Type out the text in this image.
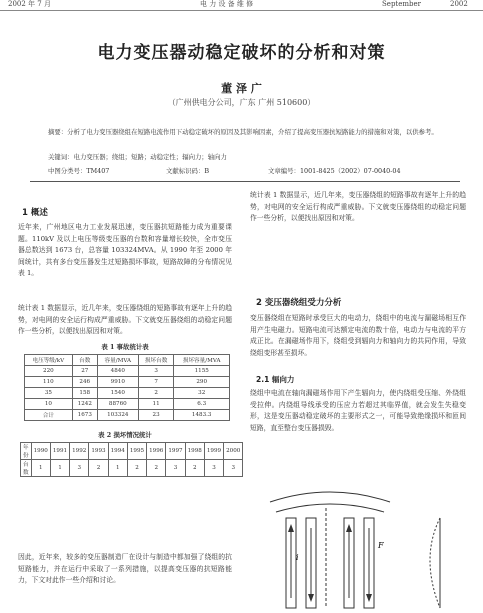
2002 年 7 月	电 力 设 备 维 修	September	2002
电力变压器动稳定破坏的分析和对策
董 泽 广
（广州供电分公司，广东 广州 510600）
摘要：分析了电力变压器绕组在短路电流作用下动稳定破坏的原因及其影响因素，介绍了提高变压器抗短路能力的措施和对策，以供参考。
关键词：电力变压器；绕组；短路；动稳定性；辐向力；轴向力
中图分类号：TM407	文献标识码：B	文章编号：1001-8425（2002）07-0040-04
1 概述
近年来，广州地区电力工业发展迅速，变压器抗短路能力成为重要课题。110kV 及以上电压等级变压器的台数和容量增长较快，全市变压器总数达到 1673 台，总容量 103324MVA。从 1990 年至 2000 年间统计，共有多台变压器发生过短路损坏事故，短路故障的分布情况见表 1。
统计表 1 数据显示，近几年来，变压器绕组的短路事故有逐年上升的趋势，对电网的安全运行构成严重威胁。下文就变压器绕组的动稳定问题作一些分析，以便找出原因和对策。
表 1 事故统计表
电压等级/kV	台数	容量/MVA	损坏台数	损坏容量/MVA
220	27	4840	3	1155
110	246	9910	7	290
35	158	1540	2	32
10	1242	88760	11	6.3
合计	1673	103324	23	1483.3
表 2 损坏情况统计
年份	1990	1991	1992	1993	1994	1995	1996	1997	1998	1999	2000
台数	1	1	3	2	1	2	2	3	2	3	3
因此，近年来，较多的变压器制造厂在设计与制造中都加强了绕组的抗短路能力，并在运行中采取了一系列措施，以提高变压器的抗短路能力，下文对此作一些介绍和讨论。
统计表 1 数据显示，近几年来，变压器绕组的短路事故有逐年上升的趋势，对电网的安全运行构成严重威胁。下文就变压器绕组的动稳定问题作一些分析，以便找出原因和对策。
2 变压器绕组受力分析
变压器绕组在短路时承受巨大的电动力，绕组中的电流与漏磁场相互作用产生电磁力。短路电流可达额定电流的数十倍，电动力与电流的平方成正比。在漏磁场作用下，绕组受到辐向力和轴向力的共同作用，导致绕组变形甚至损坏。
2.1 辐向力
绕组中电流在轴向漏磁场作用下产生辐向力，使内绕组受压缩、外绕组受拉伸。内绕组导线承受的压应力若超过其临界值，就会发生失稳变形，这是变压器动稳定破坏的主要形式之一，可能导致绝缘损坏和匝间短路，直至整台变压器损毁。
i
F
